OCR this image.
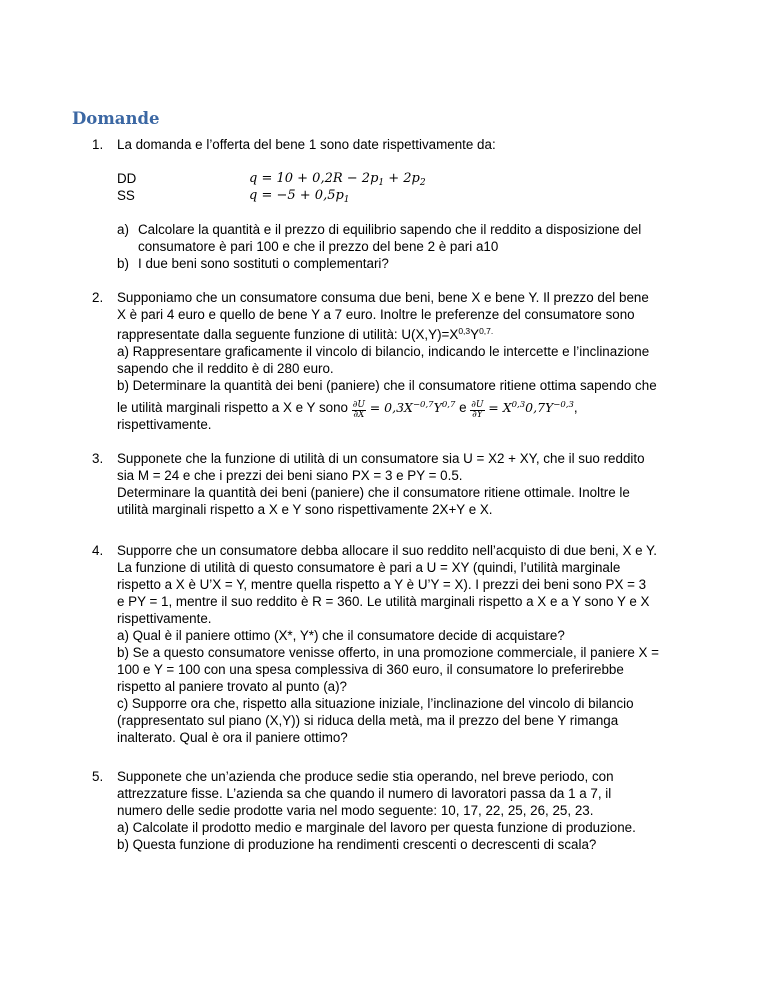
Domande
1. La domanda e l’offerta del bene 1 sono date rispettivamente da:
DD	$q = 10 + 0,2R - 2p_1 + 2p_2$
SS	$q = -5 + 0,5p_1$
a) Calcolare la quantità e il prezzo di equilibrio sapendo che il reddito a disposizione del
consumatore è pari 100 e che il prezzo del bene 2 è pari a10
b) I due beni sono sostituti o complementari?
2. Supponiamo che un consumatore consuma due beni, bene X e bene Y. Il prezzo del bene
X è pari 4 euro e quello de bene Y a 7 euro. Inoltre le preferenze del consumatore sono
rappresentate dalla seguente funzione di utilità: $U(X,Y)=X^{0,3}Y^{0,7.}$
a) Rappresentare graficamente il vincolo di bilancio, indicando le intercette e l’inclinazione
sapendo che il reddito è di 280 euro.
b) Determinare la quantità dei beni (paniere) che il consumatore ritiene ottima sapendo che
le utilità marginali rispetto a X e Y sono $\frac{\partial U}{\partial X} = 0,3X^{-0,7}Y^{0,7}$ e $\frac{\partial U}{\partial Y} = X^{0,3}0,7Y^{-0,3}$,
rispettivamente.
3. Supponete che la funzione di utilità di un consumatore sia U = X2 + XY, che il suo reddito
sia M = 24 e che i prezzi dei beni siano PX = 3 e PY = 0.5.
Determinare la quantità dei beni (paniere) che il consumatore ritiene ottimale. Inoltre le
utilità marginali rispetto a X e Y sono rispettivamente 2X+Y e X.
4. Supporre che un consumatore debba allocare il suo reddito nell’acquisto di due beni, X e Y.
La funzione di utilità di questo consumatore è pari a U = XY (quindi, l’utilità marginale
rispetto a X è U’X = Y, mentre quella rispetto a Y è U’Y = X). I prezzi dei beni sono PX = 3
e PY = 1, mentre il suo reddito è R = 360. Le utilità marginali rispetto a X e a Y sono Y e X
rispettivamente.
a) Qual è il paniere ottimo (X*, Y*) che il consumatore decide di acquistare?
b) Se a questo consumatore venisse offerto, in una promozione commerciale, il paniere X =
100 e Y = 100 con una spesa complessiva di 360 euro, il consumatore lo preferirebbe
rispetto al paniere trovato al punto (a)?
c) Supporre ora che, rispetto alla situazione iniziale, l’inclinazione del vincolo di bilancio
(rappresentato sul piano (X,Y)) si riduca della metà, ma il prezzo del bene Y rimanga
inalterato. Qual è ora il paniere ottimo?
5. Supponete che un’azienda che produce sedie stia operando, nel breve periodo, con
attrezzature fisse. L’azienda sa che quando il numero di lavoratori passa da 1 a 7, il
numero delle sedie prodotte varia nel modo seguente: 10, 17, 22, 25, 26, 25, 23.
a) Calcolate il prodotto medio e marginale del lavoro per questa funzione di produzione.
b) Questa funzione di produzione ha rendimenti crescenti o decrescenti di scala?
